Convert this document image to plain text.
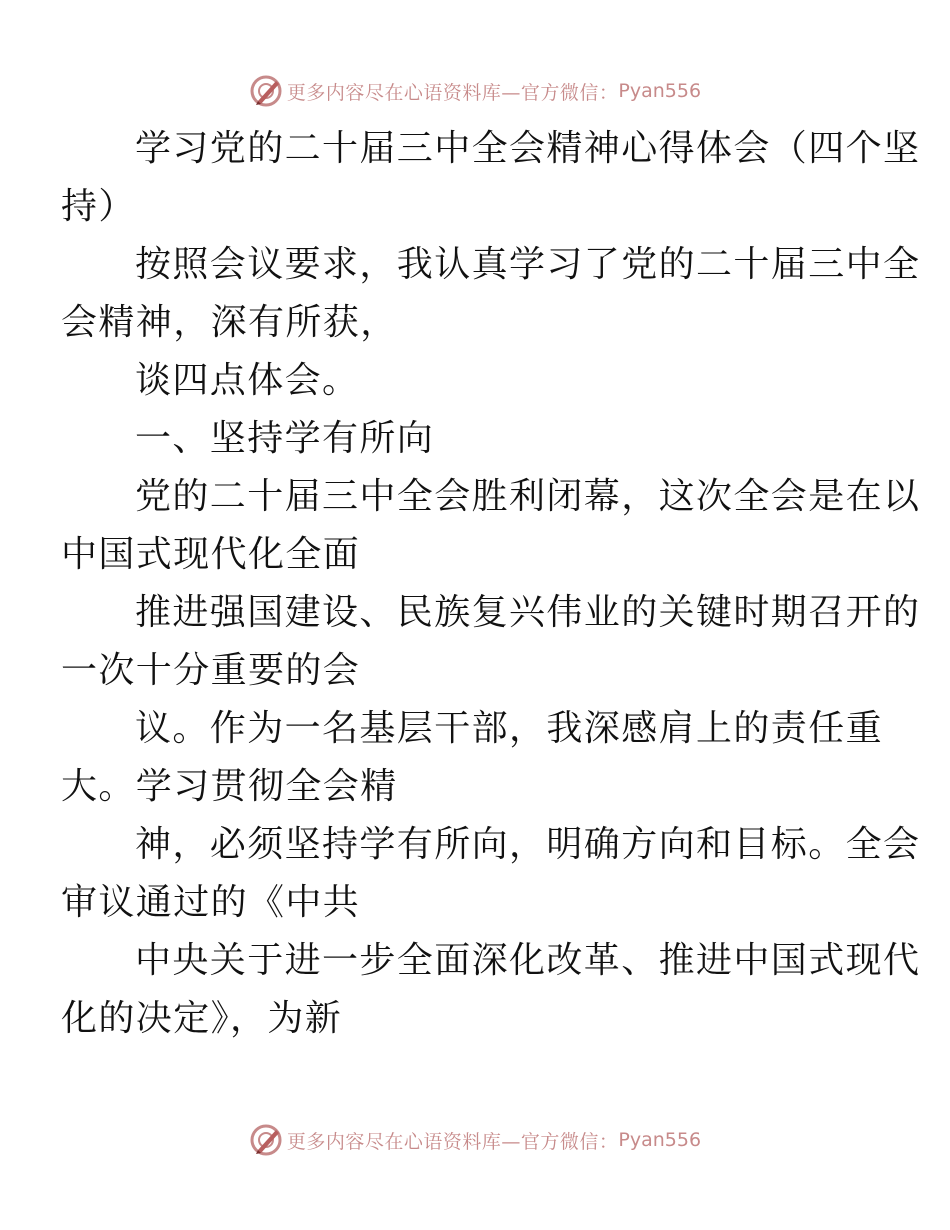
更多内容尽在心语资料库—官方微信： Pyan556

学习党的二十届三中全会精神心得体会（四个坚
持）

按照会议要求，我认真学习了党的二十届三中全
会精神，深有所获，

谈四点体会。

一、坚持学有所向

党的二十届三中全会胜利闭幕，这次全会是在以
中国式现代化全面

推进强国建设、民族复兴伟业的关键时期召开的
一次十分重要的会

议。作为一名基层干部，我深感肩上的责任重
大。学习贯彻全会精

神，必须坚持学有所向，明确方向和目标。全会
审议通过的《中共

中央关于进一步全面深化改革、推进中国式现代
化的决定》，为新

更多内容尽在心语资料库—官方微信： Pyan556
